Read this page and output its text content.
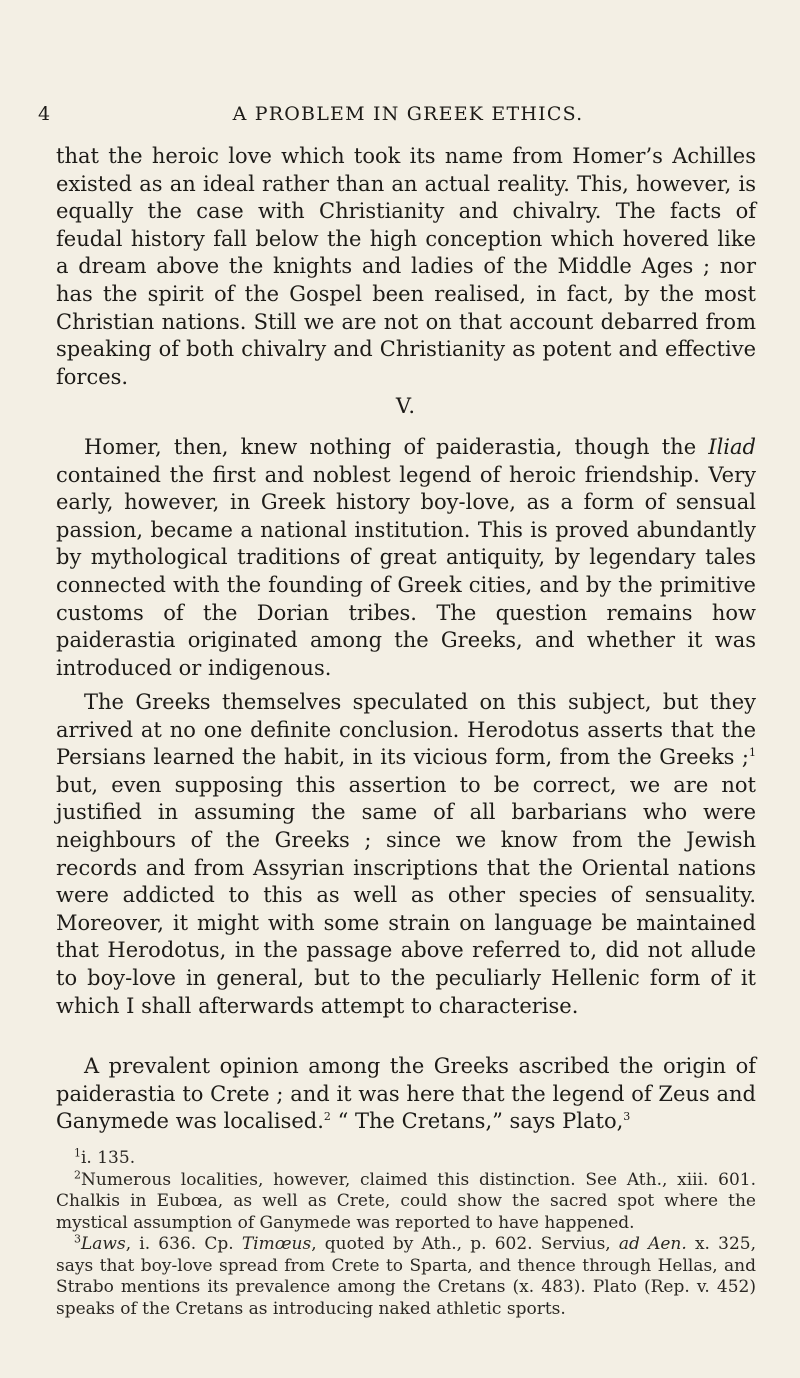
4	A PROBLEM IN GREEK ETHICS.

that the heroic love which took its name from Homer’s Achilles existed as an ideal rather than an actual reality. This, however, is equally the case with Christianity and chivalry. The facts of feudal history fall below the high conception which hovered like a dream above the knights and ladies of the Middle Ages ; nor has the spirit of the Gospel been realised, in fact, by the most Christian nations. Still we are not on that account debarred from speaking of both chivalry and Christianity as potent and effective forces.

V.

Homer, then, knew nothing of paiderastia, though the Iliad contained the first and noblest legend of heroic friendship. Very early, however, in Greek history boy-love, as a form of sensual passion, became a national institution. This is proved abundantly by mythological traditions of great antiquity, by legendary tales connected with the founding of Greek cities, and by the primitive customs of the Dorian tribes. The question remains how paiderastia originated among the Greeks, and whether it was introduced or indigenous.

The Greeks themselves speculated on this subject, but they arrived at no one definite conclusion. Herodotus asserts that the Persians learned the habit, in its vicious form, from the Greeks ;$^1$ but, even supposing this assertion to be correct, we are not justified in assuming the same of all barbarians who were neighbours of the Greeks ; since we know from the Jewish records and from Assyrian inscriptions that the Oriental nations were addicted to this as well as other species of sensuality. Moreover, it might with some strain on language be maintained that Herodotus, in the passage above referred to, did not allude to boy-love in general, but to the peculiarly Hellenic form of it which I shall afterwards attempt to characterise.

A prevalent opinion among the Greeks ascribed the origin of paiderastia to Crete ; and it was here that the legend of Zeus and Ganymede was localised.$^2$ “ The Cretans,” says Plato,$^3$

$^1$i. 135.

$^2$Numerous localities, however, claimed this distinction. See Ath., xiii. 601. Chalkis in Eubœa, as well as Crete, could show the sacred spot where the mystical assumption of Ganymede was reported to have happened.

$^3$Laws, i. 636. Cp. Timœus, quoted by Ath., p. 602. Servius, ad Aen. x. 325, says that boy-love spread from Crete to Sparta, and thence through Hellas, and Strabo mentions its prevalence among the Cretans (x. 483). Plato (Rep. v. 452) speaks of the Cretans as introducing naked athletic sports.
